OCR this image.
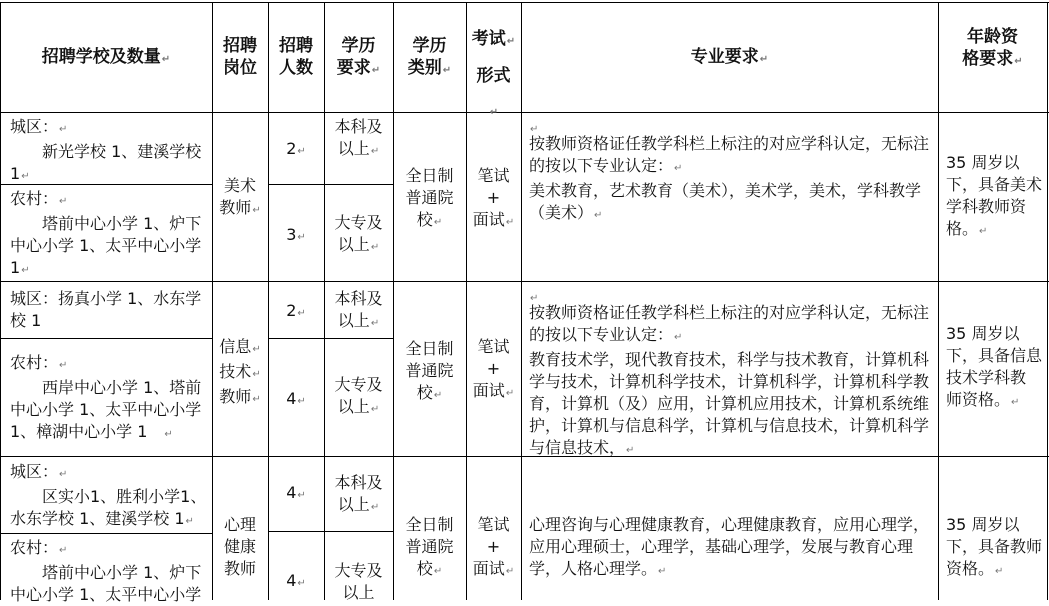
招聘学校及数量↵
招聘
岗位
招聘
人数
学历
要求↵
学历
类别↵
考试↵
形式
↵
专业要求↵
年龄资
格要求↵
城区：↵
新光学校 1、建溪学校
1↵
农村：↵
塔前中心小学 1、炉下
中心小学 1、太平中心小学
1↵
美术
教师↵
2↵
3↵
本科及
以上↵
大专及
以上↵
全日制
普通院
校↵
笔试
+
面试↵
↵
按教师资格证任教学科栏上标注的对应学科认定，无标注的按以下专业认定：↵
美术教育，艺术教育（美术），美术学，美术，学科教学（美术）↵
35 周岁以
下，具备美术
学科教师资
格。↵
城区：扬真小学 1、水东学
校 1
农村：↵
西岸中心小学 1、塔前
中心小学 1、太平中心小学
1、樟湖中心小学 1     ↵
信息↵
技术↵
教师↵
2↵
4↵
本科及
以上↵
大专及
以上↵
全日制
普通院
校↵
笔试
+
面试↵
↵
按教师资格证任教学科栏上标注的对应学科认定，无标注的按以下专业认定：↵
教育技术学，现代教育技术，科学与技术教育，计算机科学与技术，计算机科学技术，计算机科学，计算机科学教育，计算机（及）应用，计算机应用技术，计算机系统维护，计算机与信息科学，计算机与信息技术，计算机科学与信息技术，↵
35 周岁以
下，具备信息
技术学科教
师资格。↵
城区：↵
区实小1、胜利小学1、
水东学校 1、建溪学校 1↵
农村：↵
塔前中心小学 1、炉下
中心小学 1、太平中心小学
心理
健康
教师
4↵
4↵
本科及
以上↵
大专及
以上
全日制
普通院
校↵
笔试
+
面试↵
心理咨询与心理健康教育，心理健康教育，应用心理学，应用心理硕士，心理学，基础心理学，发展与教育心理学，人格心理学。↵
35 周岁以
下，具备教师
资格。↵
